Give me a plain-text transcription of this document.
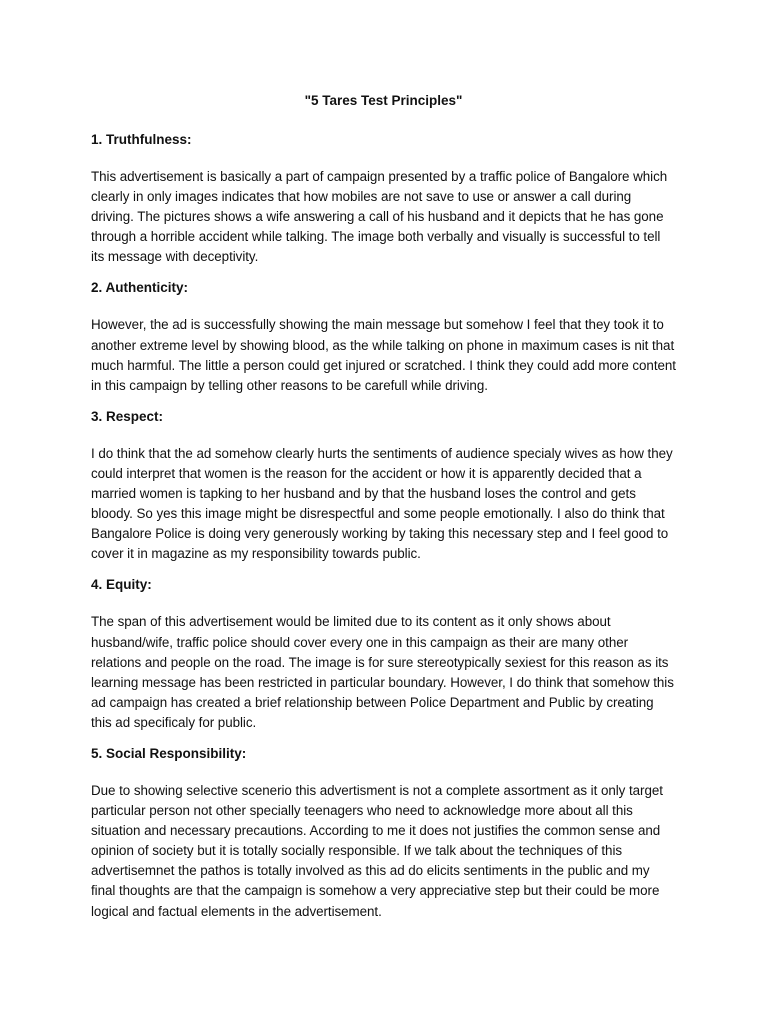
"5 Tares Test Principles"
1. Truthfulness:
This advertisement is basically a part of campaign presented by a traffic police of Bangalore which clearly in only images indicates that how mobiles are not save to use or answer a call during driving. The pictures shows a wife answering a call of his husband and it depicts that he has gone through a horrible accident while talking. The image both verbally and visually is successful to tell its message with deceptivity.
2. Authenticity:
However, the ad is successfully showing the main message but somehow I feel that they took it to another extreme level by showing blood, as the while talking on phone in maximum cases is nit that much harmful. The little a person could get injured or scratched. I think they could add more content in this campaign by telling other reasons to be carefull while driving.
3. Respect:
I do think that the ad somehow clearly hurts the sentiments of audience specialy wives as how they could interpret that women is the reason for the accident or how it is apparently decided that a married women is tapking to her husband and by that the husband loses the control and gets bloody. So yes this image might be disrespectful and some people emotionally. I also do think that Bangalore Police is doing very generously working by taking this necessary step and I feel good to cover it in magazine as my responsibility towards public.
4. Equity:
The span of this advertisement would be limited due to its content as it only shows about husband/wife, traffic police should cover every one in this campaign as their are many other relations and people on the road. The image is for sure stereotypically sexiest for this reason as its learning message has been restricted in particular boundary. However, I do think that somehow this ad campaign has created a brief relationship between Police Department and Public by creating this ad specificaly for public.
5. Social Responsibility:
Due to showing selective scenerio this advertisment is not a complete assortment as it only target particular person not other specially teenagers who need to acknowledge more about all this situation and necessary precautions. According to me it does not justifies the common sense and opinion of society but it is totally socially responsible. If we talk about the techniques of this advertisemnet the pathos is totally involved as this ad do elicits sentiments in the public and my final thoughts are that the campaign is somehow a very appreciative step but their could be more logical and factual elements in the advertisement.
